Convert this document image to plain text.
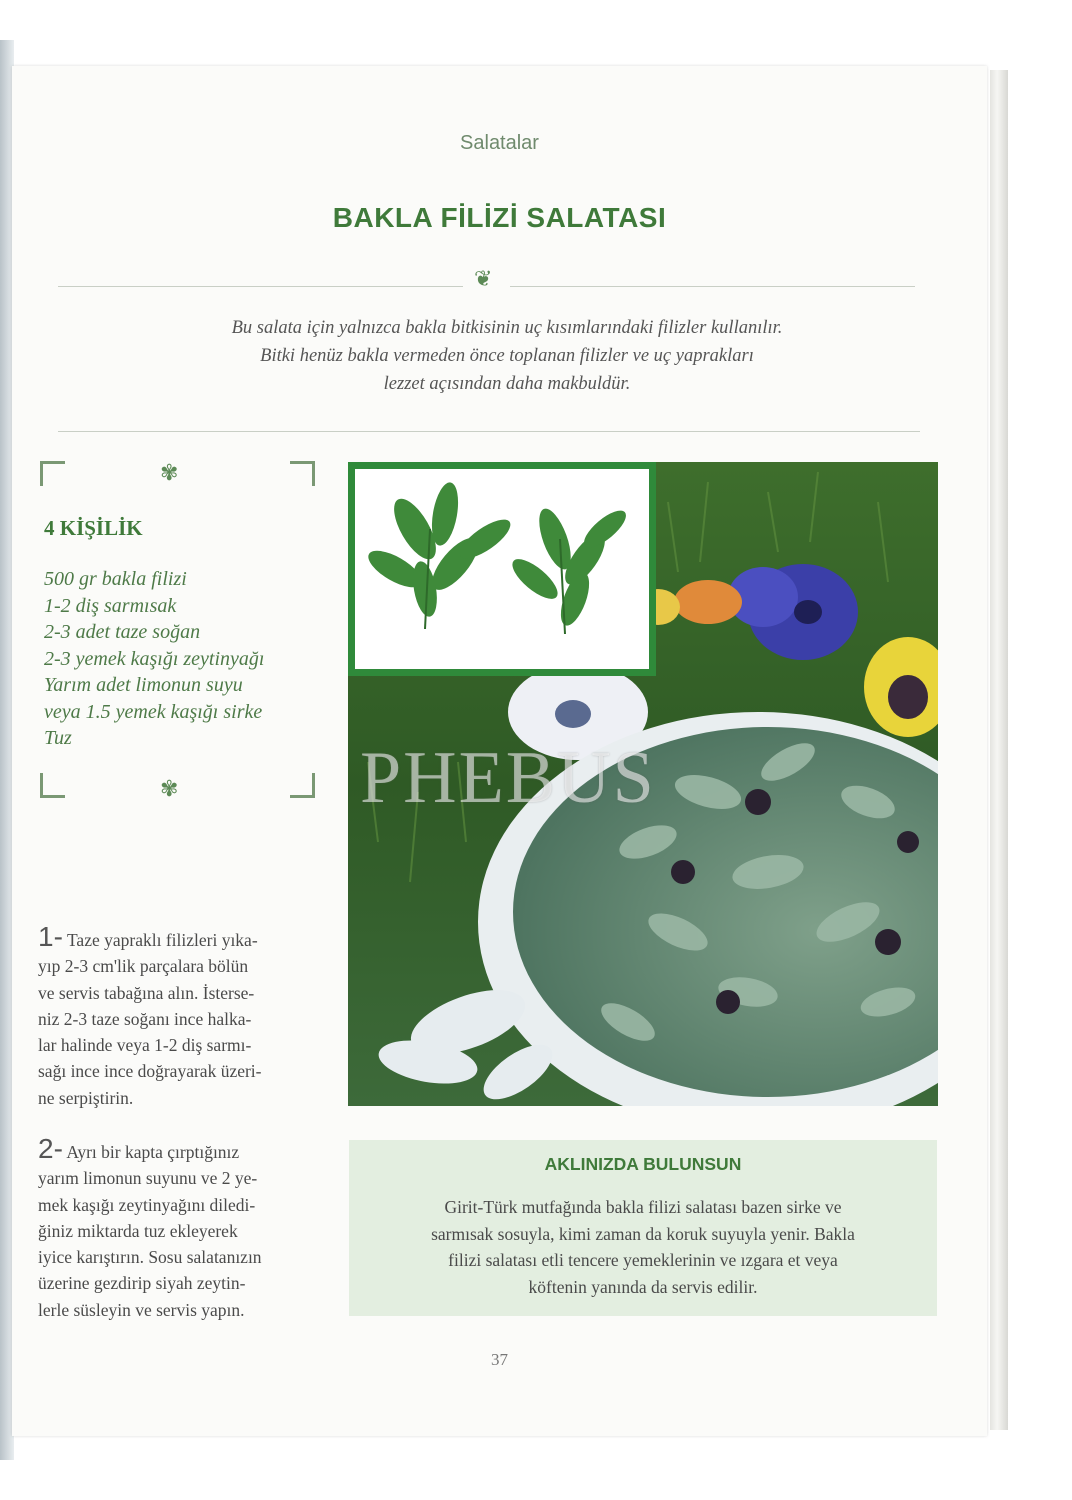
Salatalar
BAKLA FİLİZİ SALATASI
❦
Bu salata için yalnızca bakla bitkisinin uç kısımlarındaki filizler kullanılır.
Bitki henüz bakla vermeden önce toplanan filizler ve uç yaprakları
lezzet açısından daha makbuldür.
✾
✾
4 KİŞİLİK
500 gr bakla filizi
1-2 diş sarmısak
2-3 adet taze soğan
2-3 yemek kaşığı zeytinyağı
Yarım adet limonun suyu
veya 1.5 yemek kaşığı sirke
Tuz
1- Taze yapraklı filizleri yıka-
yıp 2-3 cm'lik parçalara bölün
ve servis tabağına alın. İsterse-
niz 2-3 taze soğanı ince halka-
lar halinde veya 1-2 diş sarmı-
sağı ince ince doğrayarak üzeri-
ne serpiştirin.
2- Ayrı bir kapta çırptığınız
yarım limonun suyunu ve 2 ye-
mek kaşığı zeytinyağını diledi-
ğiniz miktarda tuz ekleyerek
iyice karıştırın. Sosu salatanızın
üzerine gezdirip siyah zeytin-
lerle süsleyin ve servis yapın.
PHEBUS
AKLINIZDA BULUNSUN
Girit-Türk mutfağında bakla filizi salatası bazen sirke ve
sarmısak sosuyla, kimi zaman da koruk suyuyla yenir. Bakla
filizi salatası etli tencere yemeklerinin ve ızgara et veya
köftenin yanında da servis edilir.
37
